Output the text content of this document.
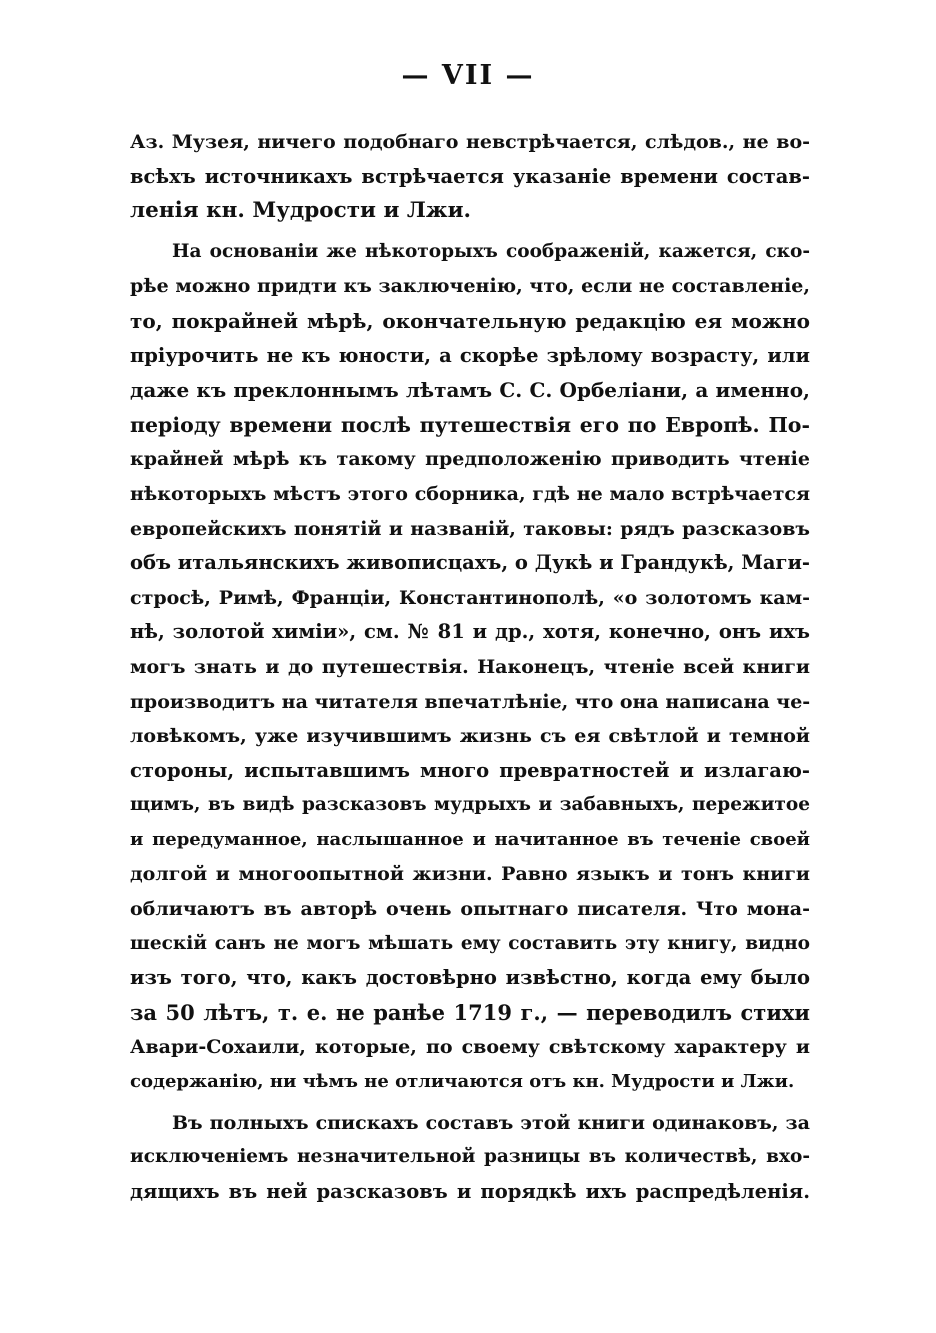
— VII —
Аз. Музея, ничего подобнаго невстрѣчается, слѣдов., не во-
всѣхъ источникахъ встрѣчается указаніе времени состав-
ленія кн. Мудрости и Лжи.
На основаніи же нѣкоторыхъ соображеній, кажется, ско-
рѣе можно придти къ заключенію, что, если не составленіе,
то, покрайней мѣрѣ, окончательную редакцію ея можно
пріурочить не къ юности, а скорѣе зрѣлому возрасту, или
даже къ преклоннымъ лѣтамъ С. С. Орбеліани, а именно,
періоду времени послѣ путешествія его по Европѣ. По-
крайней мѣрѣ къ такому предположенію приводить чтеніе
нѣкоторыхъ мѣстъ этого сборника, гдѣ не мало встрѣчается
европейскихъ понятій и названій, таковы: рядъ разсказовъ
объ итальянскихъ живописцахъ, о Дукѣ и Грандукѣ, Маги-
стросѣ, Римѣ, Франціи, Константинополѣ, «о золотомъ кам-
нѣ, золотой химіи», см. № 81 и др., хотя, конечно, онъ ихъ
могъ знать и до путешествія. Наконецъ, чтеніе всей книги
производитъ на читателя впечатлѣніе, что она написана че-
ловѣкомъ, уже изучившимъ жизнь съ ея свѣтлой и темной
стороны, испытавшимъ много превратностей и излагаю-
щимъ, въ видѣ разсказовъ мудрыхъ и забавныхъ, пережитое
и передуманное, наслышанное и начитанное въ теченіе своей
долгой и многоопытной жизни. Равно языкъ и тонъ книги
обличаютъ въ авторѣ очень опытнаго писателя. Что мона-
шескій санъ не могъ мѣшать ему составить эту книгу, видно
изъ того, что, какъ достовѣрно извѣстно, когда ему было
за 50 лѣтъ, т. е. не ранѣе 1719 г., — переводилъ стихи
Авари-Сохаили, которые, по своему свѣтскому характеру и
содержанію, ни чѣмъ не отличаются отъ кн. Мудрости и Лжи.
Въ полныхъ спискахъ составъ этой книги одинаковъ, за
исключеніемъ незначительной разницы въ количествѣ, вхо-
дящихъ въ ней разсказовъ и порядкѣ ихъ распредѣленія.
